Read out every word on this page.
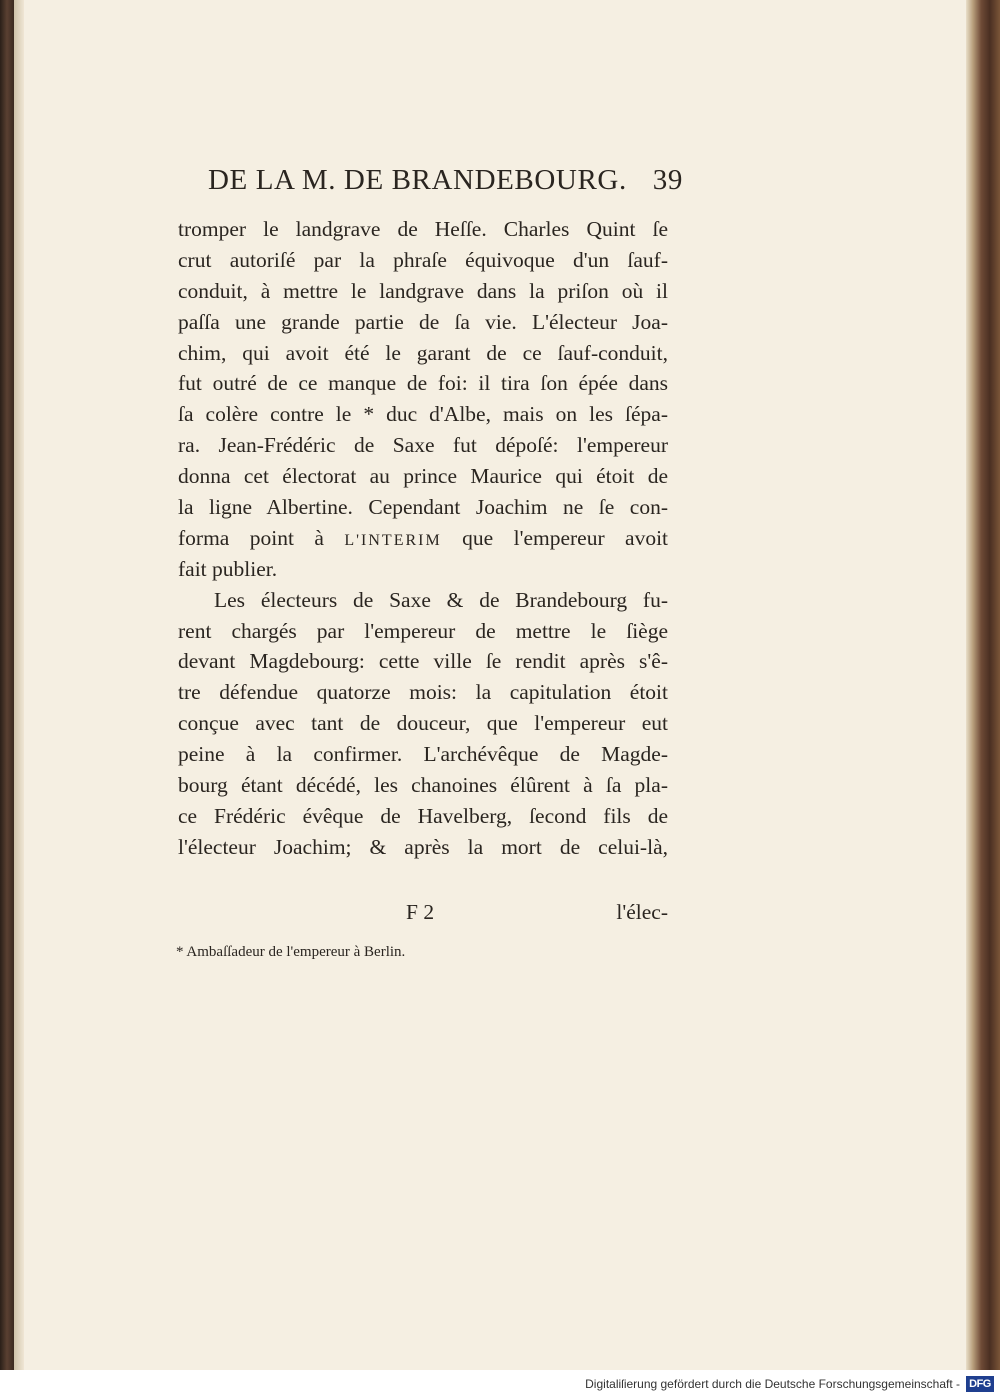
DE LA M. DE BRANDEBOURG. 39
tromper le landgrave de Heſſe. Charles Quint ſe
crut autoriſé par la phraſe équivoque d'un ſauf-
conduit, à mettre le landgrave dans la priſon où il
paſſa une grande partie de ſa vie. L'électeur Joa-
chim, qui avoit été le garant de ce ſauf-conduit,
fut outré de ce manque de foi: il tira ſon épée dans
ſa colère contre le * duc d'Albe, mais on les ſépa-
ra. Jean-Frédéric de Saxe fut dépoſé: l'empereur
donna cet électorat au prince Maurice qui étoit de
la ligne Albertine. Cependant Joachim ne ſe con-
forma point à L'INTERIM que l'empereur avoit
fait publier.
Les électeurs de Saxe & de Brandebourg fu-
rent chargés par l'empereur de mettre le ſiège
devant Magdebourg: cette ville ſe rendit après s'ê-
tre défendue quatorze mois: la capitulation étoit
conçue avec tant de douceur, que l'empereur eut
peine à la confirmer. L'archévêque de Magde-
bourg étant décédé, les chanoines élûrent à ſa pla-
ce Frédéric évêque de Havelberg, ſecond fils de
l'électeur Joachim; & après la mort de celui-là,
F 2	l'élec-
* Ambaſſadeur de l'empereur à Berlin.
Digitaliſierung gefördert durch die Deutsche Forschungsgemeinschaft - DFG
